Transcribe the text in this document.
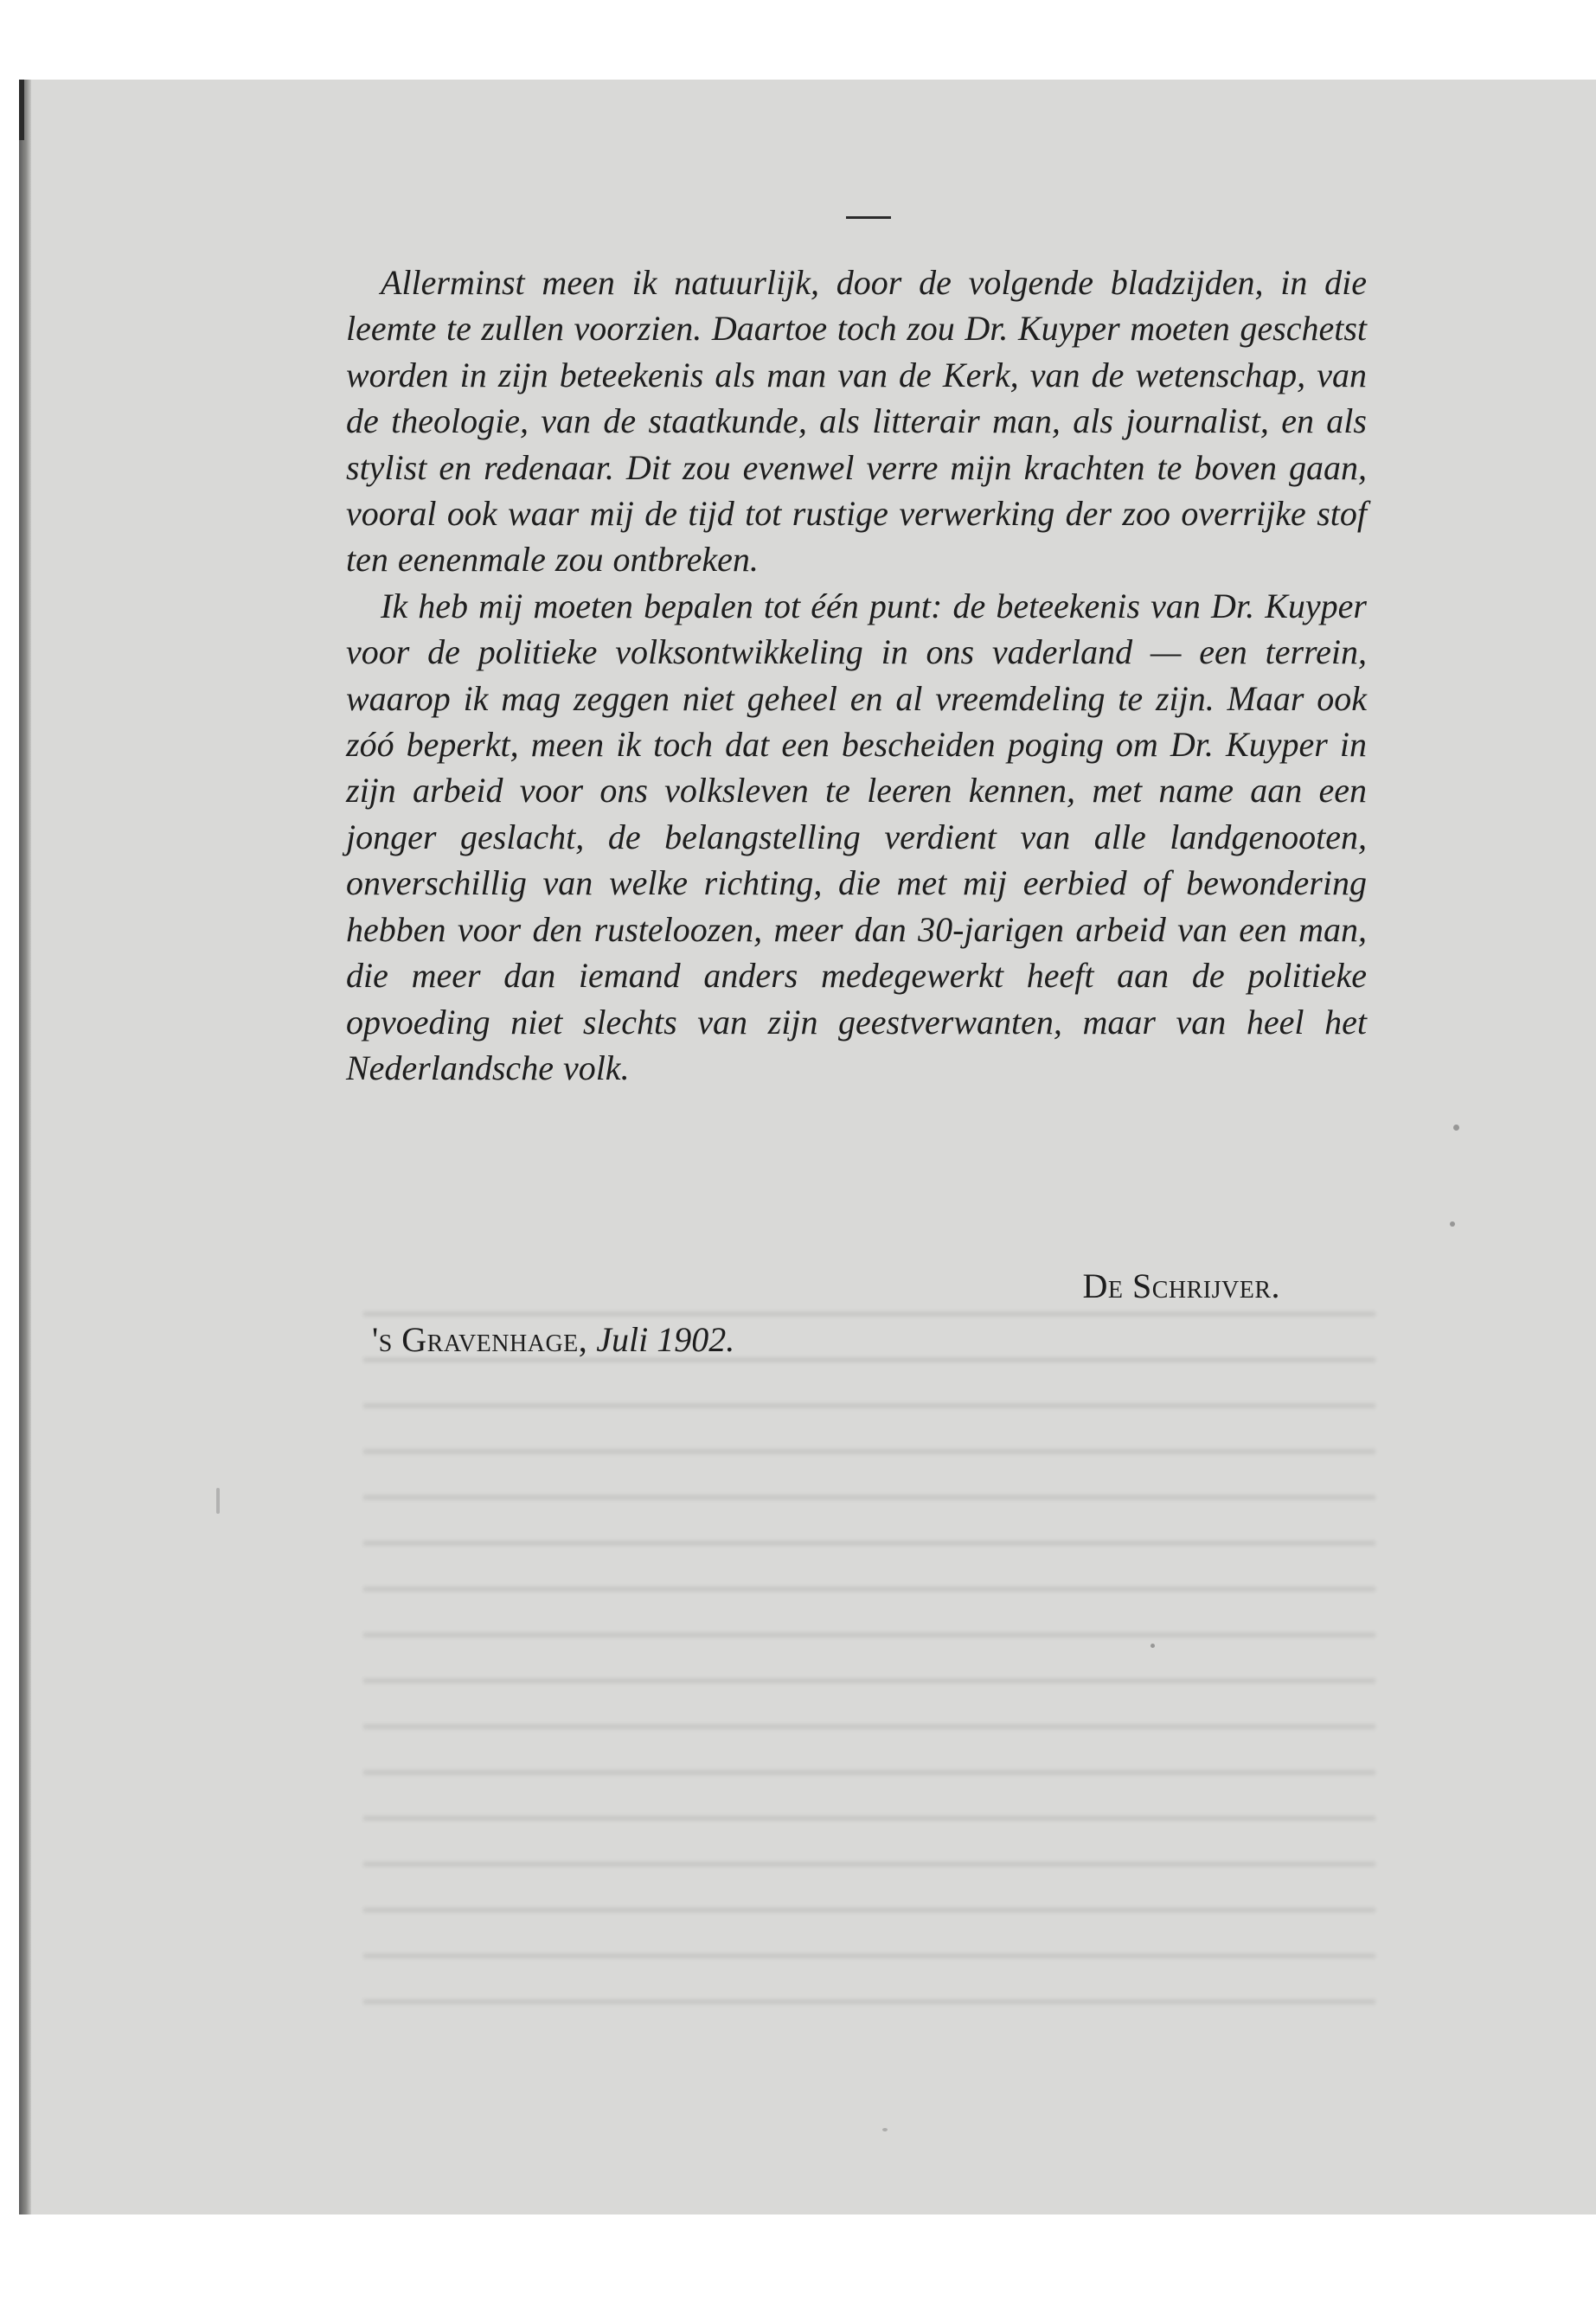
Allerminst meen ik natuurlijk, door de volgende bladzijden, in die leemte te zullen voorzien. Daartoe toch zou Dr. Kuyper moeten geschetst worden in zijn beteekenis als man van de Kerk, van de wetenschap, van de theologie, van de staatkunde, als litterair man, als journalist, en als stylist en redenaar. Dit zou evenwel verre mijn krachten te boven gaan, vooral ook waar mij de tijd tot rustige verwerking der zoo overrijke stof ten eenenmale zou ontbreken.

Ik heb mij moeten bepalen tot één punt: de beteekenis van Dr. Kuyper voor de politieke volksontwikkeling in ons vaderland — een terrein, waarop ik mag zeggen niet geheel en al vreemdeling te zijn. Maar ook zóó beperkt, meen ik toch dat een bescheiden poging om Dr. Kuyper in zijn arbeid voor ons volksleven te leeren kennen, met name aan een jonger geslacht, de belangstelling verdient van alle landgenooten, onverschillig van welke richting, die met mij eerbied of bewondering hebben voor den rusteloozen, meer dan 30-jarigen arbeid van een man, die meer dan iemand anders medegewerkt heeft aan de politieke opvoeding niet slechts van zijn geestverwanten, maar van heel het Nederlandsche volk.

De Schrijver.
's Gravenhage, Juli 1902.
